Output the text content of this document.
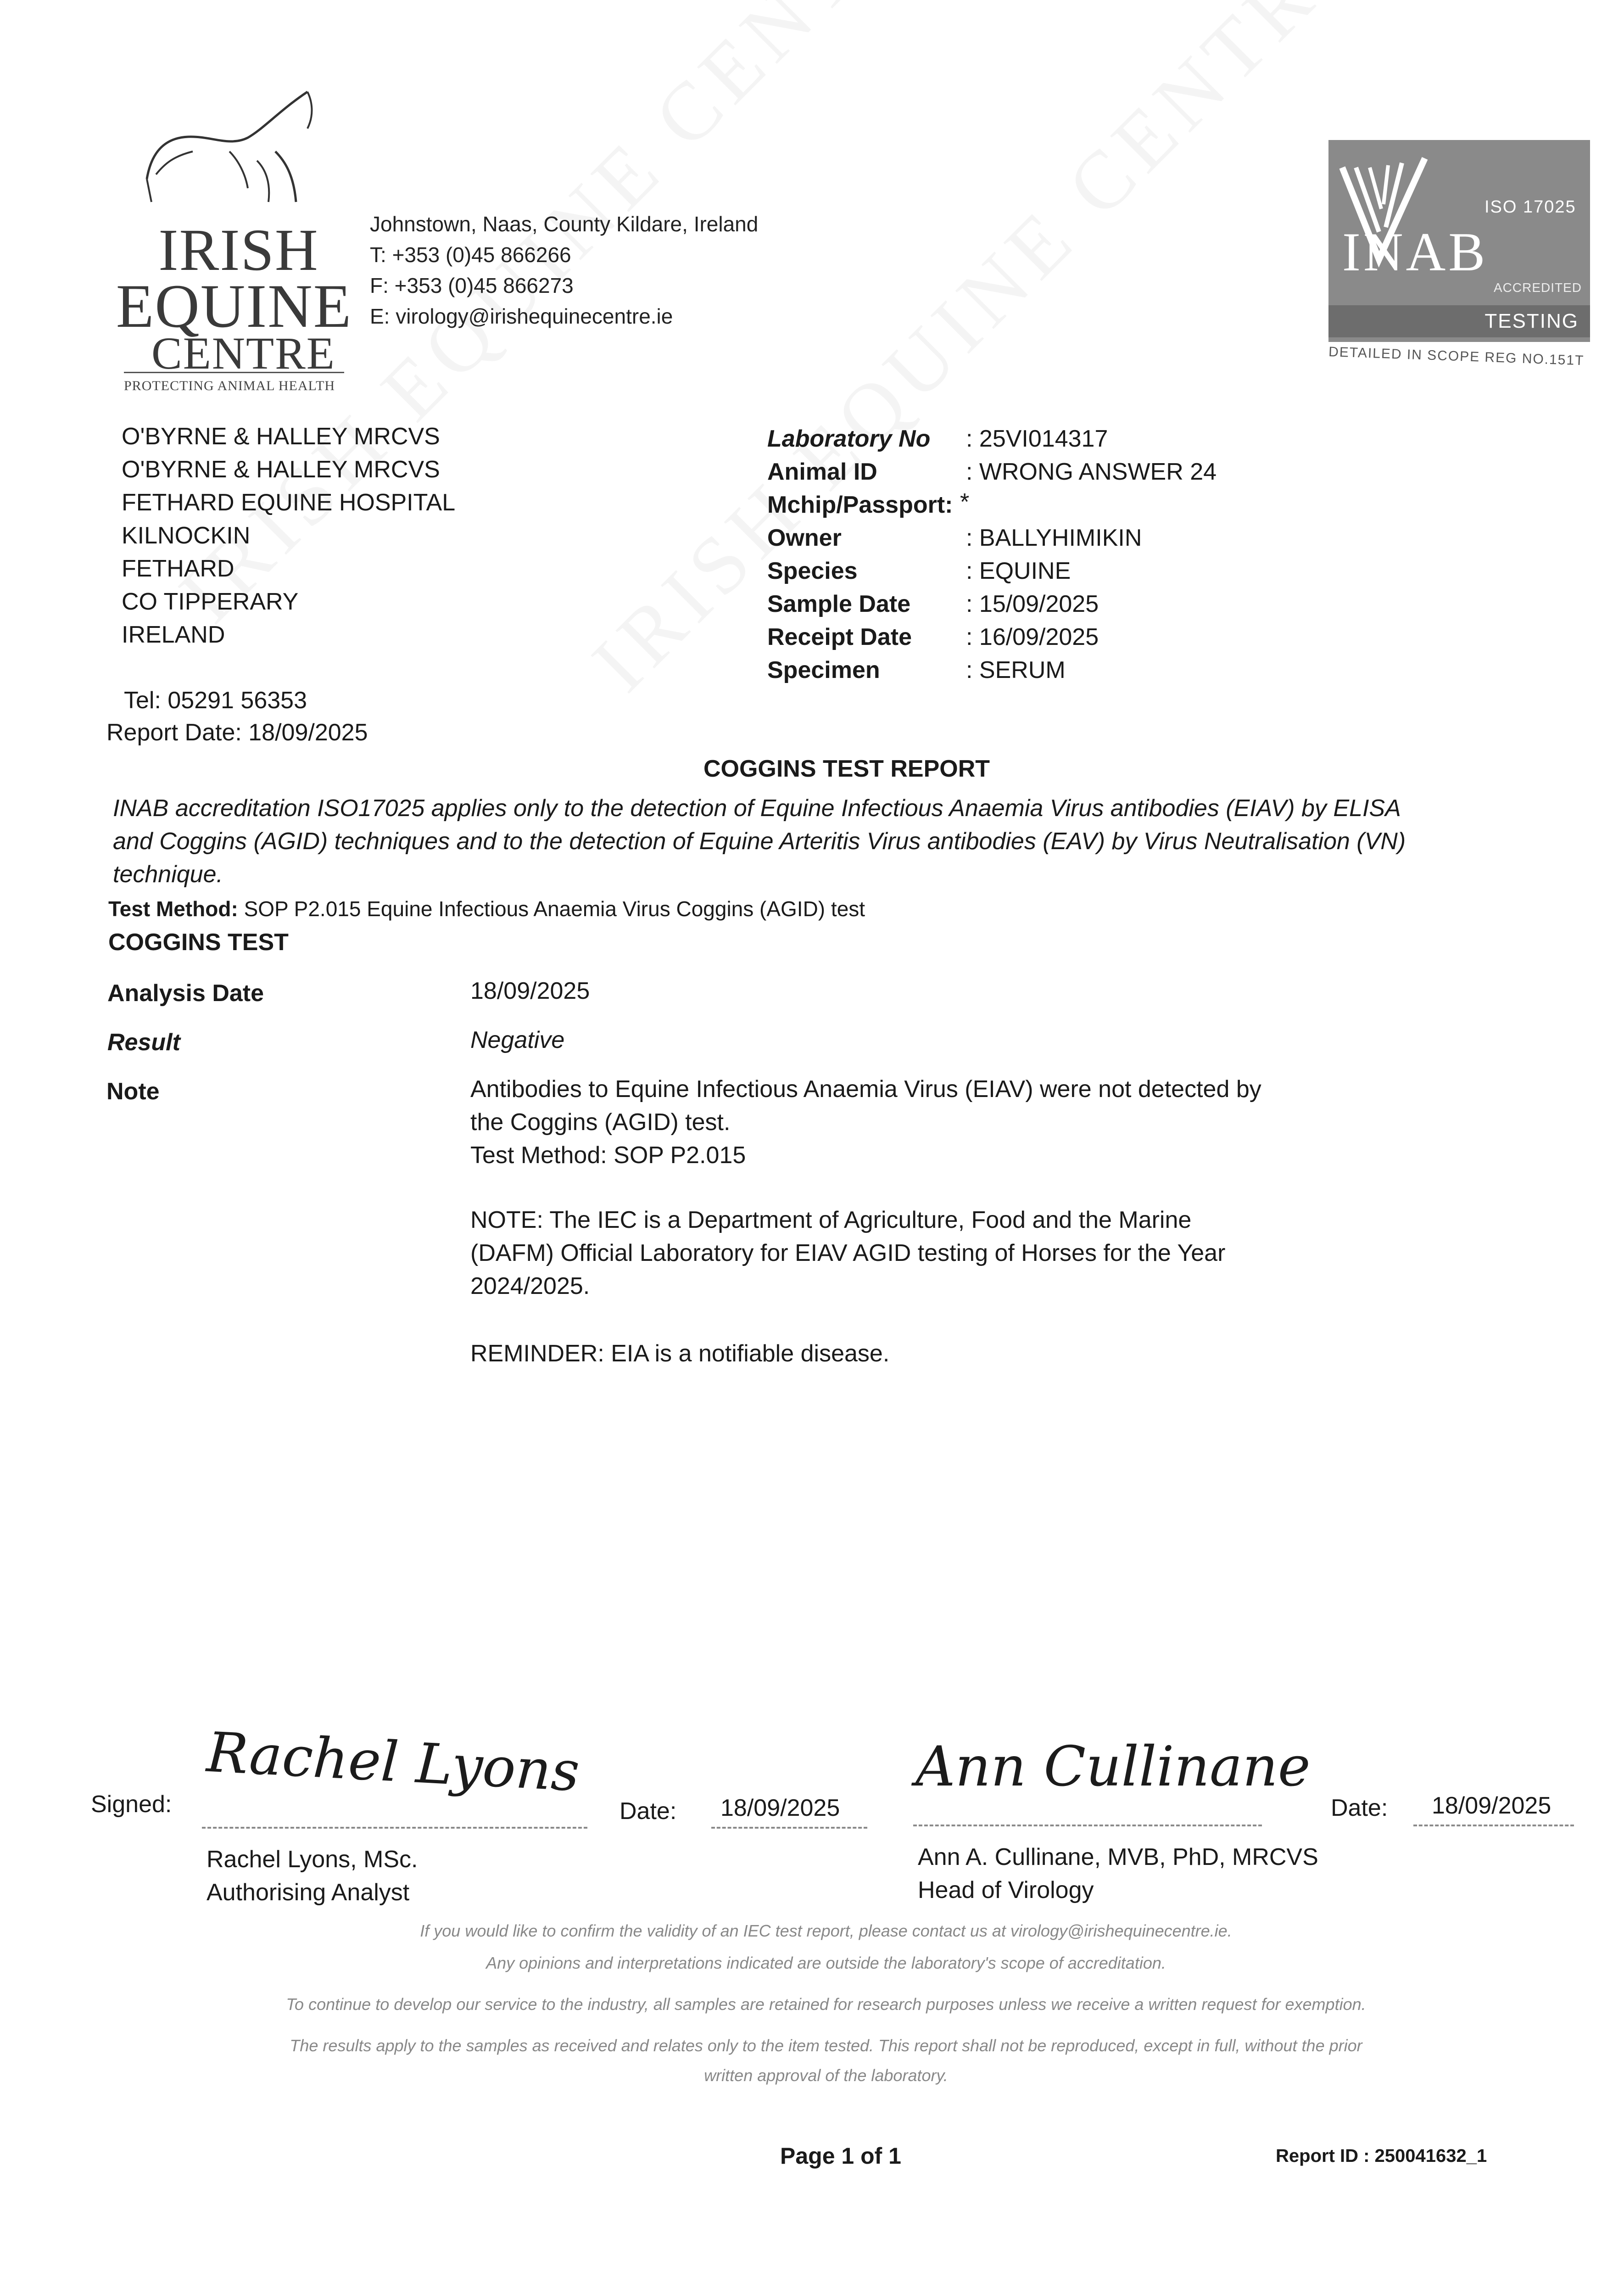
IRISH
EQUINE
CENTRE
PROTECTING ANIMAL HEALTH
Johnstown, Naas, County Kildare, Ireland
T: +353 (0)45 866266
F: +353 (0)45 866273
E: virology@irishequinecentre.ie
ISO 17025
INAB
ACCREDITED
TESTING
DETAILED IN SCOPE REG NO.151T
O'BYRNE & HALLEY MRCVS
O'BYRNE & HALLEY MRCVS
FETHARD EQUINE HOSPITAL
KILNOCKIN
FETHARD
CO TIPPERARY
IRELAND
Tel: 05291 56353
Report Date: 18/09/2025
Laboratory No : 25VI014317
Animal ID	: WRONG ANSWER 24
Mchip/Passport: *
Owner	: BALLYHIMIKIN
Species	: EQUINE
Sample Date : 15/09/2025
Receipt Date : 16/09/2025
Specimen	: SERUM
COGGINS TEST REPORT
INAB accreditation ISO17025 applies only to the detection of Equine Infectious Anaemia Virus antibodies (EIAV) by ELISA
and Coggins (AGID) techniques and to the detection of Equine Arteritis Virus antibodies (EAV) by Virus Neutralisation (VN)
technique.
Test Method: SOP P2.015 Equine Infectious Anaemia Virus Coggins (AGID) test
COGGINS TEST
Analysis Date	18/09/2025
Result	Negative
Note	Antibodies to Equine Infectious Anaemia Virus (EIAV) were not detected by
the Coggins (AGID) test.
Test Method: SOP P2.015
NOTE: The IEC is a Department of Agriculture, Food and the Marine
(DAFM) Official Laboratory for EIAV AGID testing of Horses for the Year
2024/2025.
REMINDER: EIA is a notifiable disease.
Signed:
Rachel Lyons
Date: 18/09/2025
Rachel Lyons, MSc.
Authorising Analyst
Ann Cullinane
Date: 18/09/2025
Ann A. Cullinane, MVB, PhD, MRCVS
Head of Virology
If you would like to confirm the validity of an IEC test report, please contact us at virology@irishequinecentre.ie.
Any opinions and interpretations indicated are outside the laboratory's scope of accreditation.
To continue to develop our service to the industry, all samples are retained for research purposes unless we receive a written request for exemption.
The results apply to the samples as received and relates only to the item tested. This report shall not be reproduced, except in full, without the prior
written approval of the laboratory.
Page 1 of 1	Report ID : 250041632_1
